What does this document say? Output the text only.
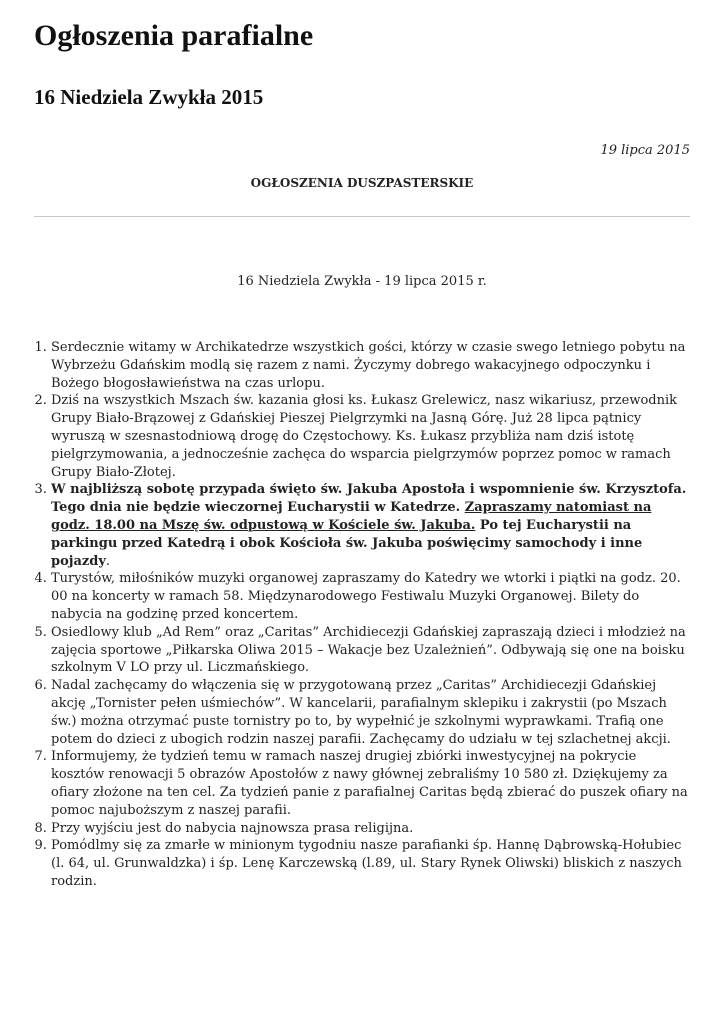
Ogłoszenia parafialne
16 Niedziela Zwykła 2015
19 lipca 2015
OGŁOSZENIA DUSZPASTERSKIE
16 Niedziela Zwykła - 19 lipca 2015 r.
1. Serdecznie witamy w Archikatedrze wszystkich gości, którzy w czasie swego letniego pobytu na Wybrzeżu Gdańskim modlą się razem z nami. Życzymy dobrego wakacyjnego odpoczynku i Bożego błogosławieństwa na czas urlopu.
2. Dziś na wszystkich Mszach św. kazania głosi ks. Łukasz Grelewicz, nasz wikariusz, przewodnik Grupy Biało-Brązowej z Gdańskiej Pieszej Pielgrzymki na Jasną Górę. Już 28 lipca pątnicy wyruszą w szesnastodniową drogę do Częstochowy. Ks. Łukasz przybliża nam dziś istotę pielgrzymowania, a jednocześnie zachęca do wsparcia pielgrzymów poprzez pomoc w ramach Grupy Biało-Złotej.
3. W najbliższą sobotę przypada święto św. Jakuba Apostoła i wspomnienie św. Krzysztofa. Tego dnia nie będzie wieczornej Eucharystii w Katedrze. Zapraszamy natomiast na godz. 18.00 na Mszę św. odpustową w Kościele św. Jakuba. Po tej Eucharystii na parkingu przed Katedrą i obok Kościoła św. Jakuba poświęcimy samochody i inne pojazdy.
4. Turystów, miłośników muzyki organowej zapraszamy do Katedry we wtorki i piątki na godz. 20. 00 na koncerty w ramach 58. Międzynarodowego Festiwalu Muzyki Organowej. Bilety do nabycia na godzinę przed koncertem.
5. Osiedlowy klub „Ad Rem” oraz „Caritas” Archidiecezji Gdańskiej zapraszają dzieci i młodzież na zajęcia sportowe „Piłkarska Oliwa 2015 – Wakacje bez Uzależnień”. Odbywają się one na boisku szkolnym V LO przy ul. Liczmańskiego.
6. Nadal zachęcamy do włączenia się w przygotowaną przez „Caritas” Archidiecezji Gdańskiej akcję „Tornister pełen uśmiechów”. W kancelarii, parafialnym sklepiku i zakrystii (po Mszach św.) można otrzymać puste tornistry po to, by wypełnić je szkolnymi wyprawkami. Trafią one potem do dzieci z ubogich rodzin naszej parafii. Zachęcamy do udziału w tej szlachetnej akcji.
7. Informujemy, że tydzień temu w ramach naszej drugiej zbiórki inwestycyjnej na pokrycie kosztów renowacji 5 obrazów Apostołów z nawy głównej zebraliśmy 10 580 zł. Dziękujemy za ofiary złożone na ten cel. Za tydzień panie z parafialnej Caritas będą zbierać do puszek ofiary na pomoc najuboższym z naszej parafii.
8. Przy wyjściu jest do nabycia najnowsza prasa religijna.
9. Pomódlmy się za zmarłe w minionym tygodniu nasze parafianki śp. Hannę Dąbrowską-Hołubiec (l. 64, ul. Grunwaldzka) i śp. Lenę Karczewską (l.89, ul. Stary Rynek Oliwski) bliskich z naszych rodzin.
